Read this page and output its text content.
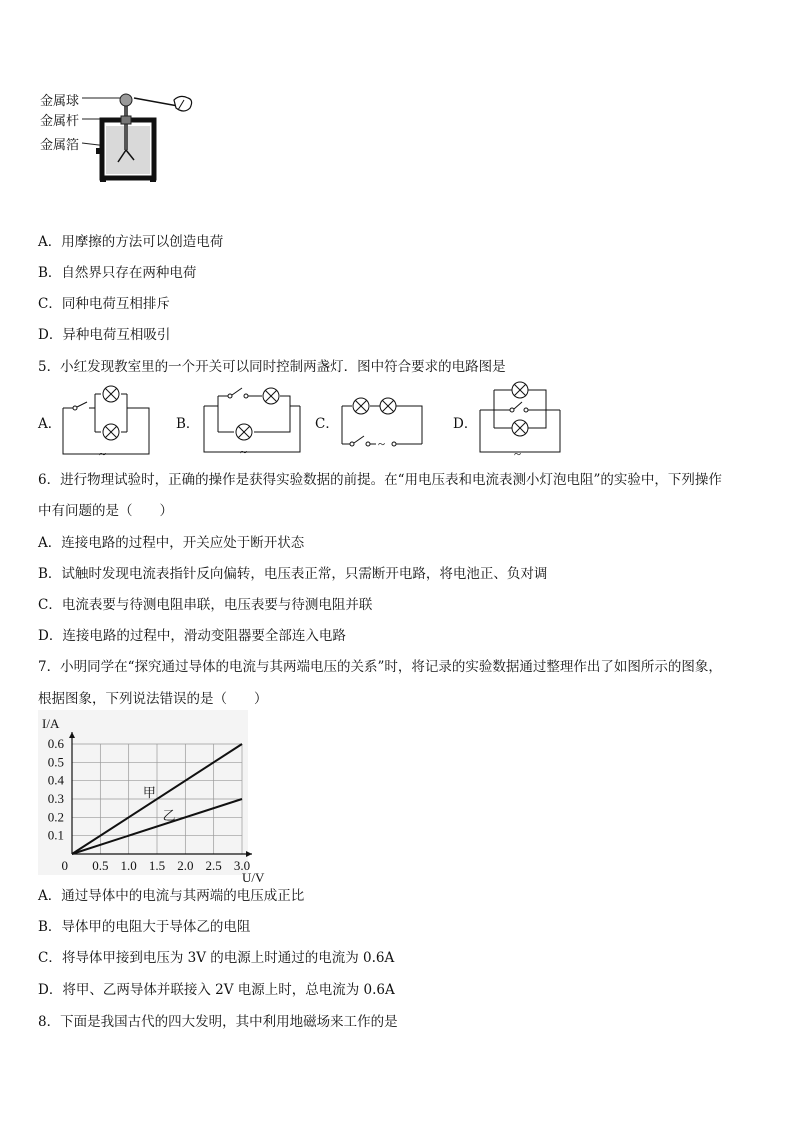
金属球
金属杆
金属箔
A．用摩擦的方法可以创造电荷
B．自然界只存在两种电荷
C．同种电荷互相排斥
D．异种电荷互相吸引
5．小红发现教室里的一个开关可以同时控制两盏灯．图中符合要求的电路图是
A．	B．	C．	D．
~	~
~
~
6．进行物理试验时，正确的操作是获得实验数据的前提。在“用电压表和电流表测小灯泡电阻”的实验中，下列操作
中有问题的是（　　）
A．连接电路的过程中，开关应处于断开状态
B．试触时发现电流表指针反向偏转，电压表正常，只需断开电路，将电池正、负对调
C．电流表要与待测电阻串联，电压表要与待测电阻并联
D．连接电路的过程中，滑动变阻器要全部连入电路
7．小明同学在“探究通过导体的电流与其两端电压的关系”时，将记录的实验数据通过整理作出了如图所示的图象，
根据图象，下列说法错误的是（　　）
0.6
0.5
0.4
0.3
0.2
0.1
0.5 1.0 1.5 2.0 2.5 3.0
0
I/A
U/V
甲
乙
A．通过导体中的电流与其两端的电压成正比
B．导体甲的电阻大于导体乙的电阻
C．将导体甲接到电压为 3V 的电源上时通过的电流为 0.6A
D．将甲、乙两导体并联接入 2V 电源上时，总电流为 0.6A
8．下面是我国古代的四大发明，其中利用地磁场来工作的是
